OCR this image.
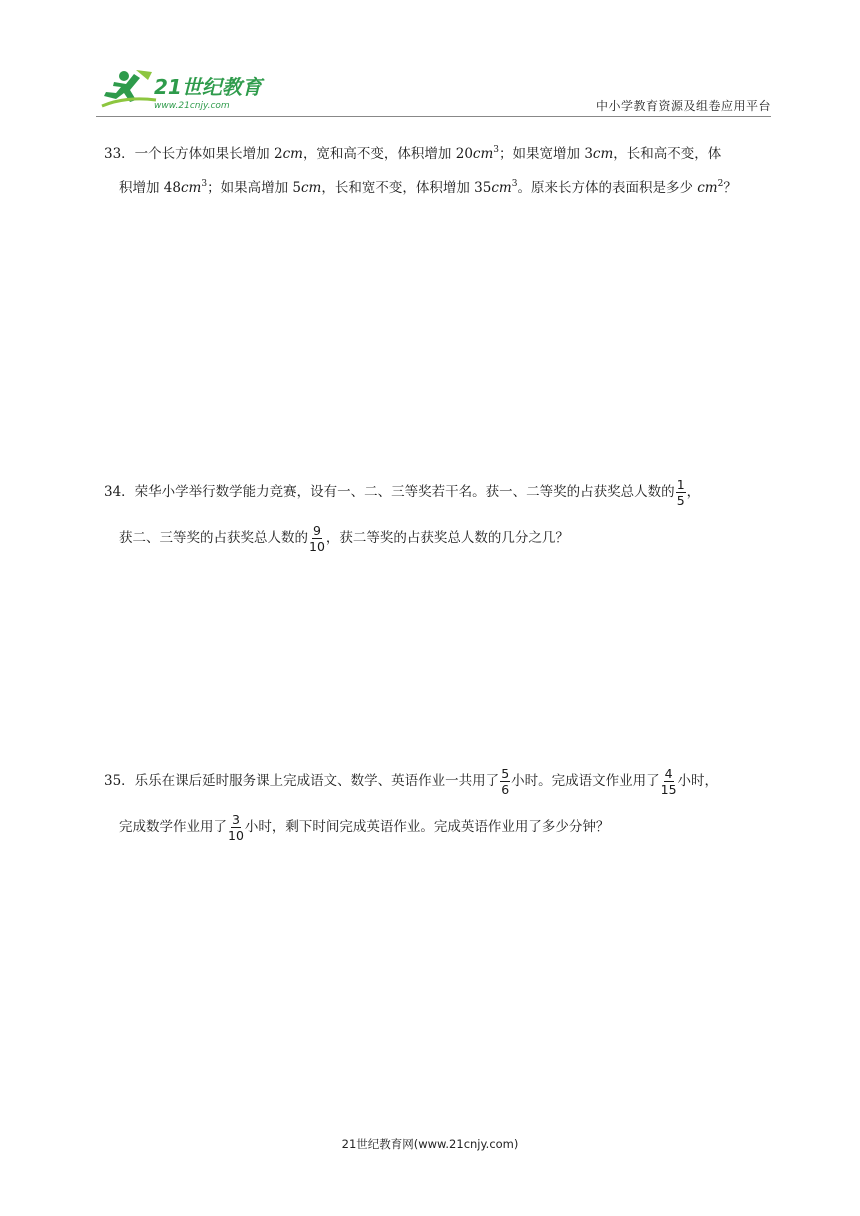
21世纪教育
www.21cnjy.com	中小学教育资源及组卷应用平台
33．一个长方体如果长增加 2cm，宽和高不变，体积增加 $20cm^3$；如果宽增加 3cm，长和高不变，体
积增加 $48cm^3$；如果高增加 5cm，长和宽不变，体积增加 $35cm^3$。原来长方体的表面积是多少 $cm^2$？
34．荣华小学举行数学能力竞赛，设有一、二、三等奖若干名。获一、二等奖的占获奖总人数的 $\frac{1}{5}$ ，
获二、三等奖的占获奖总人数的 $\frac{9}{10}$ ，获二等奖的占获奖总人数的几分之几？
35．乐乐在课后延时服务课上完成语文、数学、英语作业一共用了 $\frac{5}{6}$ 小时。完成语文作业用了 $\frac{4}{15}$ 小时，
完成数学作业用了 $\frac{3}{10}$ 小时，剩下时间完成英语作业。完成英语作业用了多少分钟？
21世纪教育网(www.21cnjy.com)
